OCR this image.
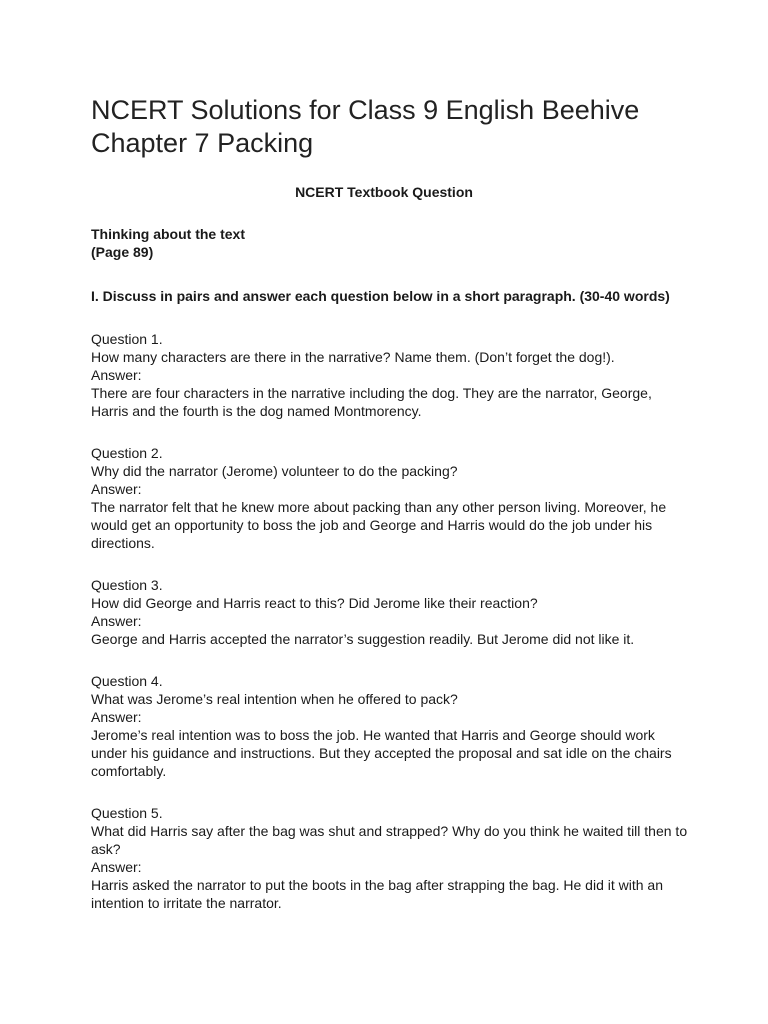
NCERT Solutions for Class 9 English Beehive
Chapter 7 Packing
NCERT Textbook Question
Thinking about the text
(Page 89)
I. Discuss in pairs and answer each question below in a short paragraph. (30-40 words)
Question 1.
How many characters are there in the narrative? Name them. (Don’t forget the dog!).
Answer:
There are four characters in the narrative including the dog. They are the narrator, George, Harris and the fourth is the dog named Montmorency.
Question 2.
Why did the narrator (Jerome) volunteer to do the packing?
Answer:
The narrator felt that he knew more about packing than any other person living. Moreover, he would get an opportunity to boss the job and George and Harris would do the job under his directions.
Question 3.
How did George and Harris react to this? Did Jerome like their reaction?
Answer:
George and Harris accepted the narrator’s suggestion readily. But Jerome did not like it.
Question 4.
What was Jerome’s real intention when he offered to pack?
Answer:
Jerome’s real intention was to boss the job. He wanted that Harris and George should work under his guidance and instructions. But they accepted the proposal and sat idle on the chairs comfortably.
Question 5.
What did Harris say after the bag was shut and strapped? Why do you think he waited till then to ask?
Answer:
Harris asked the narrator to put the boots in the bag after strapping the bag. He did it with an intention to irritate the narrator.
